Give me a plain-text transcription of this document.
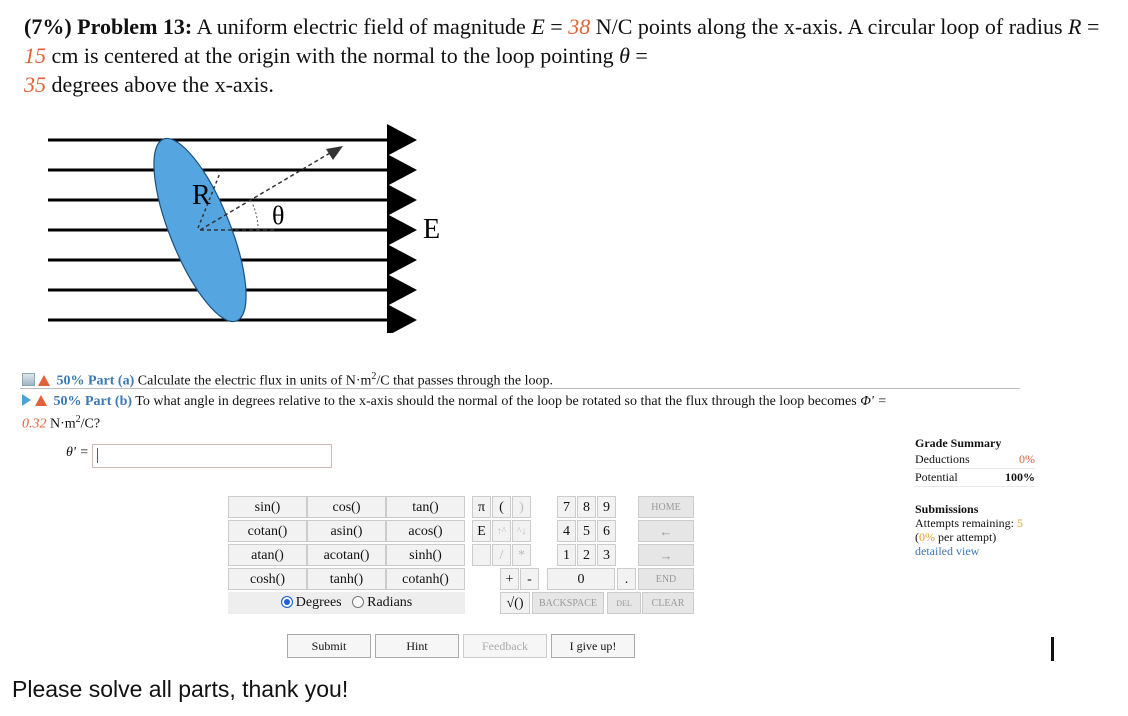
(7%) Problem 13: A uniform electric field of magnitude E = 38 N/C points along the x-axis. A circular loop of radius R = 15 cm is centered at the origin with the normal to the loop pointing θ =
35 degrees above the x-axis.
R
θ	E
50% Part (a) Calculate the electric flux in units of $N\cdot m^2/C$ that passes through the loop.
50% Part (b) To what angle in degrees relative to the x-axis should the normal of the loop be rotated so that the flux through the loop becomes Φ' =
0.32 $N\cdot m^2/C$?
θ' =
sin()	cos()	tan()
cotan()	asin()	acos()
atan()	acotan()	sinh()
cosh()	tanh()	cotanh()
Degrees Radians
π	(	)
E	↑^	^↓
/	*
+ -
7 8 9
4 5 6
1 2 3
0	.
HOME
←
→
END
√()	BACKSPACE	DEL	CLEAR
Submit	Hint	Feedback	I give up!
Grade Summary
Deductions	0%
Potential	100%
Submissions
Attempts remaining: 5
(0% per attempt)
detailed view
Please solve all parts, thank you!
